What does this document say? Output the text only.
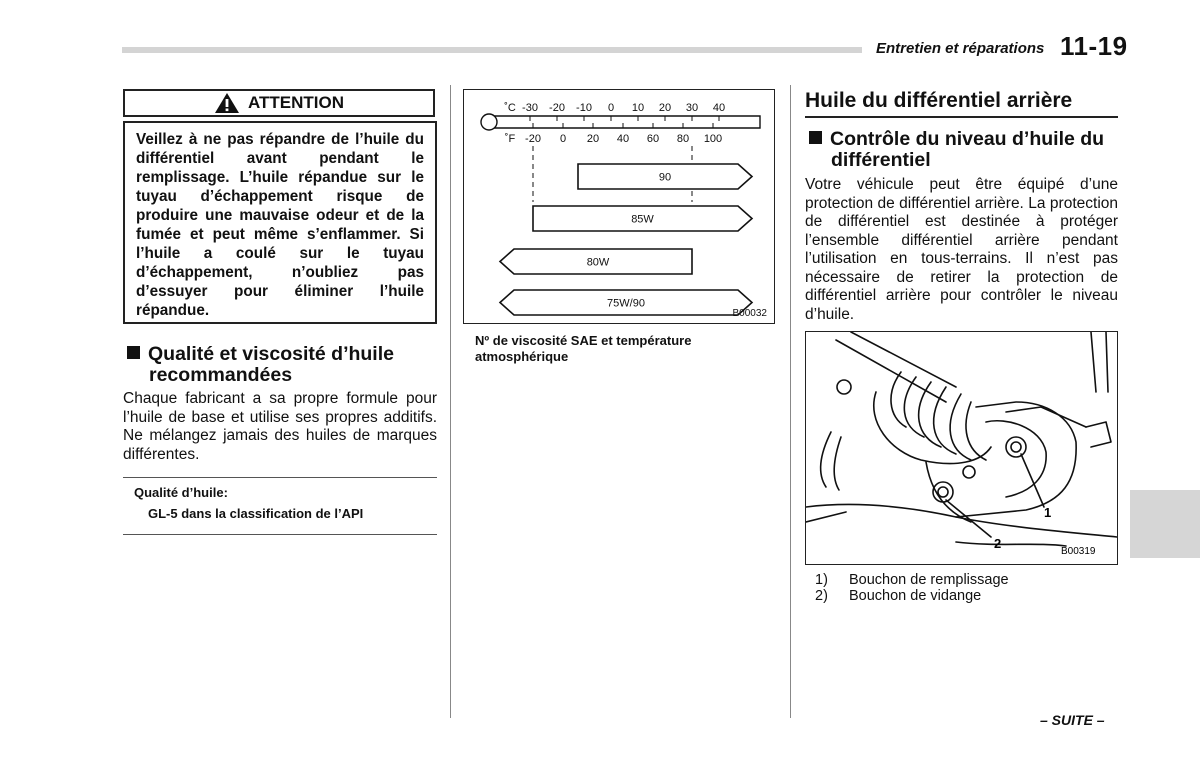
Entretien et réparations 11-19
ATTENTION
Veillez à ne pas répandre de l’huile du différentiel avant pendant le remplissage. L’huile répandue sur le tuyau d’échappement risque de produire une mauvaise odeur et de la fumée et peut même s’enflammer. Si l’huile a coulé sur le tuyau d’échappement, n’oubliez pas d’essuyer pour éliminer l’huile répandue.
Qualité et viscosité d’huile
recommandées
Chaque fabricant a sa propre formule pour l’huile de base et utilise ses propres additifs. Ne mélangez jamais des huiles de marques différentes.
Qualité d’huile:
GL-5 dans la classification de l’API
˚C
˚F
-30 -20 -10 0 10 20 30 40
-20 0 20 40 60 80 100
90
85W
80W
75W/90
B00032
Nº de viscosité SAE et température atmosphérique
Huile du différentiel arrière
Contrôle du niveau d’huile du
différentiel
Votre véhicule peut être équipé d’une protection de différentiel arrière. La protection de différentiel est destinée à protéger l’ensemble différentiel arrière pendant l’utilisation en tous-terrains. Il n’est pas nécessaire de retirer la protection de différentiel arrière pour contrôler le niveau d’huile.
1
2
B00319
1)	Bouchon de remplissage
2)	Bouchon de vidange
– SUITE –
